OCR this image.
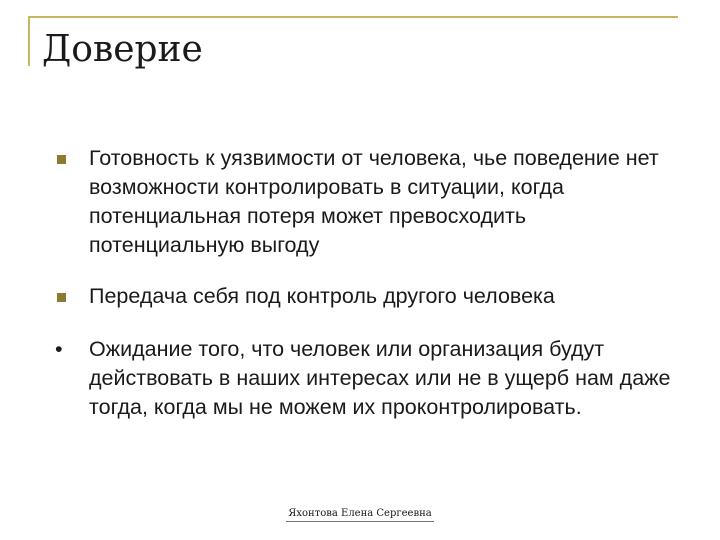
Доверие
Готовность к уязвимости от человека, чье поведение нет возможности контролировать в ситуации, когда потенциальная потеря может превосходить потенциальную выгоду
Передача себя под контроль другого человека
• Ожидание того, что человек или организация будут действовать в наших интересах или не в ущерб нам даже тогда, когда мы не можем их проконтролировать.
Яхонтова Елена Сергеевна
